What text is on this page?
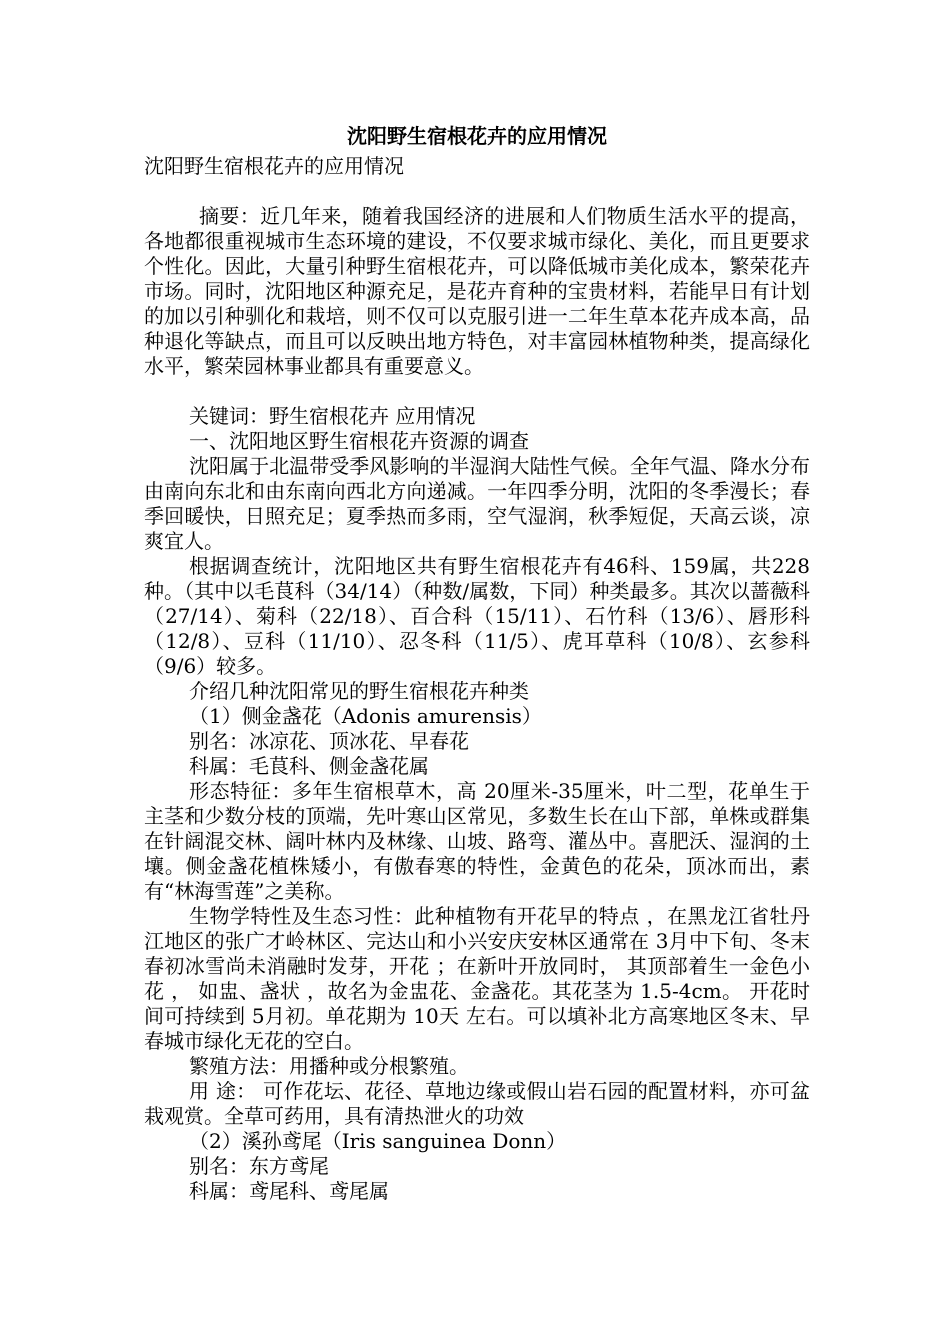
沈阳野生宿根花卉的应用情况

沈阳野生宿根花卉的应用情况

摘要：近几年来，随着我国经济的进展和人们物质生活水平的提高，各地都很重视城市生态环境的建设，不仅要求城市绿化、美化，而且更要求个性化。因此，大量引种野生宿根花卉，可以降低城市美化成本，繁荣花卉市场。同时，沈阳地区种源充足，是花卉育种的宝贵材料，若能早日有计划的加以引种驯化和栽培，则不仅可以克服引进一二年生草本花卉成本高，品种退化等缺点，而且可以反映出地方特色，对丰富园林植物种类，提高绿化水平，繁荣园林事业都具有重要意义。

关键词：野生宿根花卉 应用情况

一、沈阳地区野生宿根花卉资源的调查

沈阳属于北温带受季风影响的半湿润大陆性气候。全年气温、降水分布由南向东北和由东南向西北方向递减。一年四季分明，沈阳的冬季漫长；春季回暖快，日照充足；夏季热而多雨，空气湿润，秋季短促，天高云谈，凉爽宜人。

根据调查统计，沈阳地区共有野生宿根花卉有46科、159属，共228种。（其中以毛茛科（34/14）（种数/属数，下同）种类最多。其次以蔷薇科（27/14）、菊科（22/18）、百合科（15/11）、石竹科（13/6）、唇形科（12/8）、豆科（11/10）、忍冬科（11/5）、虎耳草科（10/8）、玄参科（9/6）较多。

介绍几种沈阳常见的野生宿根花卉种类

（1）侧金盏花（Adonis amurensis）

别名：冰凉花、顶冰花、早春花

科属：毛茛科、侧金盏花属

形态特征：多年生宿根草木，高 20厘米-35厘米，叶二型，花单生于主茎和少数分枝的顶端，先叶寒山区常见，多数生长在山下部，单株或群集在针阔混交林、阔叶林内及林缘、山坡、路弯、灌丛中。喜肥沃、湿润的土壤。侧金盏花植株矮小，有傲春寒的特性，金黄色的花朵，顶冰而出，素有“林海雪莲”之美称。

生物学特性及生态习性：此种植物有开花早的特点 ，在黑龙江省牡丹江地区的张广才岭林区、完达山和小兴安庆安林区通常在 3月中下旬、冬末春初冰雪尚未消融时发芽，开花 ；在新叶开放同时， 其顶部着生一金色小花 ， 如盅、盏状 ，故名为金盅花、金盏花。其花茎为 1.5-4cm。 开花时间可持续到 5月初。单花期为 10天 左右。可以填补北方高寒地区冬末、早春城市绿化无花的空白。

繁殖方法：用播种或分根繁殖。

用 途： 可作花坛、花径、草地边缘或假山岩石园的配置材料，亦可盆栽观赏。全草可药用，具有清热泄火的功效

（2）溪孙鸢尾（Iris sanguinea Donn）

别名：东方鸢尾

科属：鸢尾科、鸢尾属
